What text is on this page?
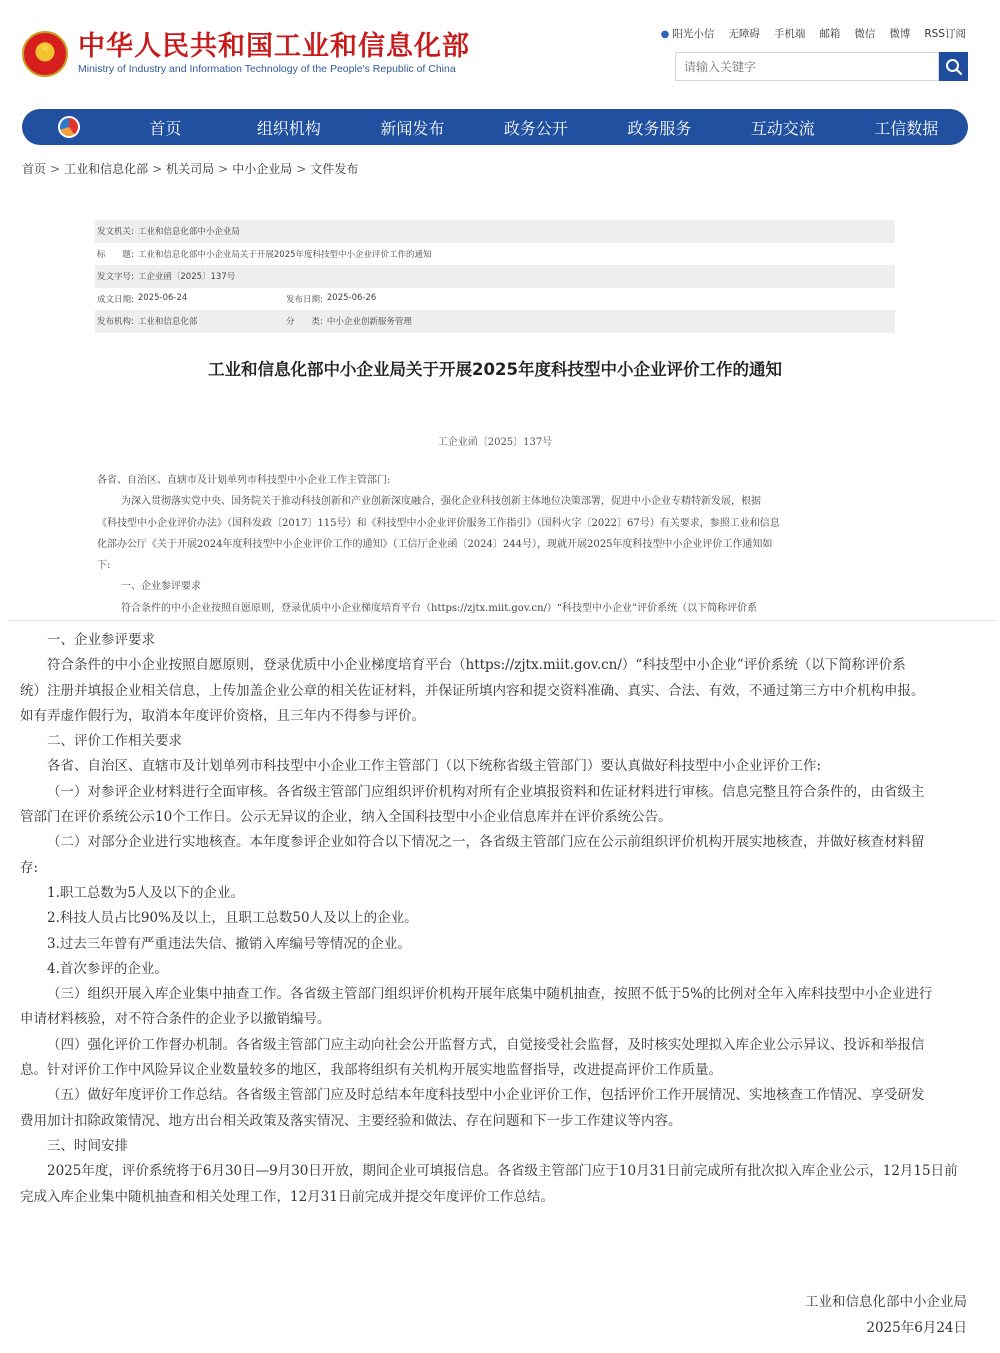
★ 中华人民共和国工业和信息化部
Ministry of Industry and Information Technology of the People's Republic of China
● 阳光小信 无障碍 手机端 邮箱 微信 微博 RSS订阅
请输入关键字
首页	组织机构	新闻发布	政务公开	政务服务	互动交流	工信数据
首页 > 工业和信息化部 > 机关司局 > 中小企业局 > 文件发布
发文机关: 工业和信息化部中小企业局
标　　题: 工业和信息化部中小企业局关于开展2025年度科技型中小企业评价工作的通知
发文字号: 工企业函〔2025〕137号
成文日期: 2025-06-24	发布日期: 2025-06-26
发布机构: 工业和信息化部	分　　类: 中小企业创新服务管理
工业和信息化部中小企业局关于开展2025年度科技型中小企业评价工作的通知
工企业函〔2025〕137号

各省、自治区、直辖市及计划单列市科技型中小企业工作主管部门:

为深入贯彻落实党中央、国务院关于推动科技创新和产业创新深度融合，强化企业科技创新主体地位决策部署，促进中小企业专精特新发展，根据

《科技型中小企业评价办法》（国科发政〔2017〕115号）和《科技型中小企业评价服务工作指引》（国科火字〔2022〕67号）有关要求，参照工业和信息

化部办公厅《关于开展2024年度科技型中小企业评价工作的通知》（工信厅企业函〔2024〕244号），现就开展2025年度科技型中小企业评价工作通知如

下:

一、企业参评要求

符合条件的中小企业按照自愿原则，登录优质中小企业梯度培育平台（https://zjtx.miit.gov.cn/）“科技型中小企业”评价系统（以下简称评价系

一、企业参评要求
符合条件的中小企业按照自愿原则，登录优质中小企业梯度培育平台（https://zjtx.miit.gov.cn/）“科技型中小企业”评价系统（以下简称评价系
统）注册并填报企业相关信息，上传加盖企业公章的相关佐证材料，并保证所填内容和提交资料准确、真实、合法、有效，不通过第三方中介机构申报。
如有弄虚作假行为，取消本年度评价资格，且三年内不得参与评价。
二、评价工作相关要求
各省、自治区、直辖市及计划单列市科技型中小企业工作主管部门（以下统称省级主管部门）要认真做好科技型中小企业评价工作:
（一）对参评企业材料进行全面审核。各省级主管部门应组织评价机构对所有企业填报资料和佐证材料进行审核。信息完整且符合条件的，由省级主
管部门在评价系统公示10个工作日。公示无异议的企业，纳入全国科技型中小企业信息库并在评价系统公告。
（二）对部分企业进行实地核查。本年度参评企业如符合以下情况之一，各省级主管部门应在公示前组织评价机构开展实地核查，并做好核查材料留
存:
1.职工总数为5人及以下的企业。
2.科技人员占比90%及以上，且职工总数50人及以上的企业。
3.过去三年曾有严重违法失信、撤销入库编号等情况的企业。
4.首次参评的企业。
（三）组织开展入库企业集中抽查工作。各省级主管部门组织评价机构开展年底集中随机抽查，按照不低于5%的比例对全年入库科技型中小企业进行
申请材料核验，对不符合条件的企业予以撤销编号。
（四）强化评价工作督办机制。各省级主管部门应主动向社会公开监督方式，自觉接受社会监督，及时核实处理拟入库企业公示异议、投诉和举报信
息。针对评价工作中风险异议企业数量较多的地区，我部将组织有关机构开展实地监督指导，改进提高评价工作质量。
（五）做好年度评价工作总结。各省级主管部门应及时总结本年度科技型中小企业评价工作，包括评价工作开展情况、实地核查工作情况、享受研发
费用加计扣除政策情况、地方出台相关政策及落实情况、主要经验和做法、存在问题和下一步工作建议等内容。
三、时间安排
2025年度，评价系统将于6月30日—9月30日开放，期间企业可填报信息。各省级主管部门应于10月31日前完成所有批次拟入库企业公示，12月15日前
完成入库企业集中随机抽查和相关处理工作，12月31日前完成并提交年度评价工作总结。
工业和信息化部中小企业局
2025年6月24日
